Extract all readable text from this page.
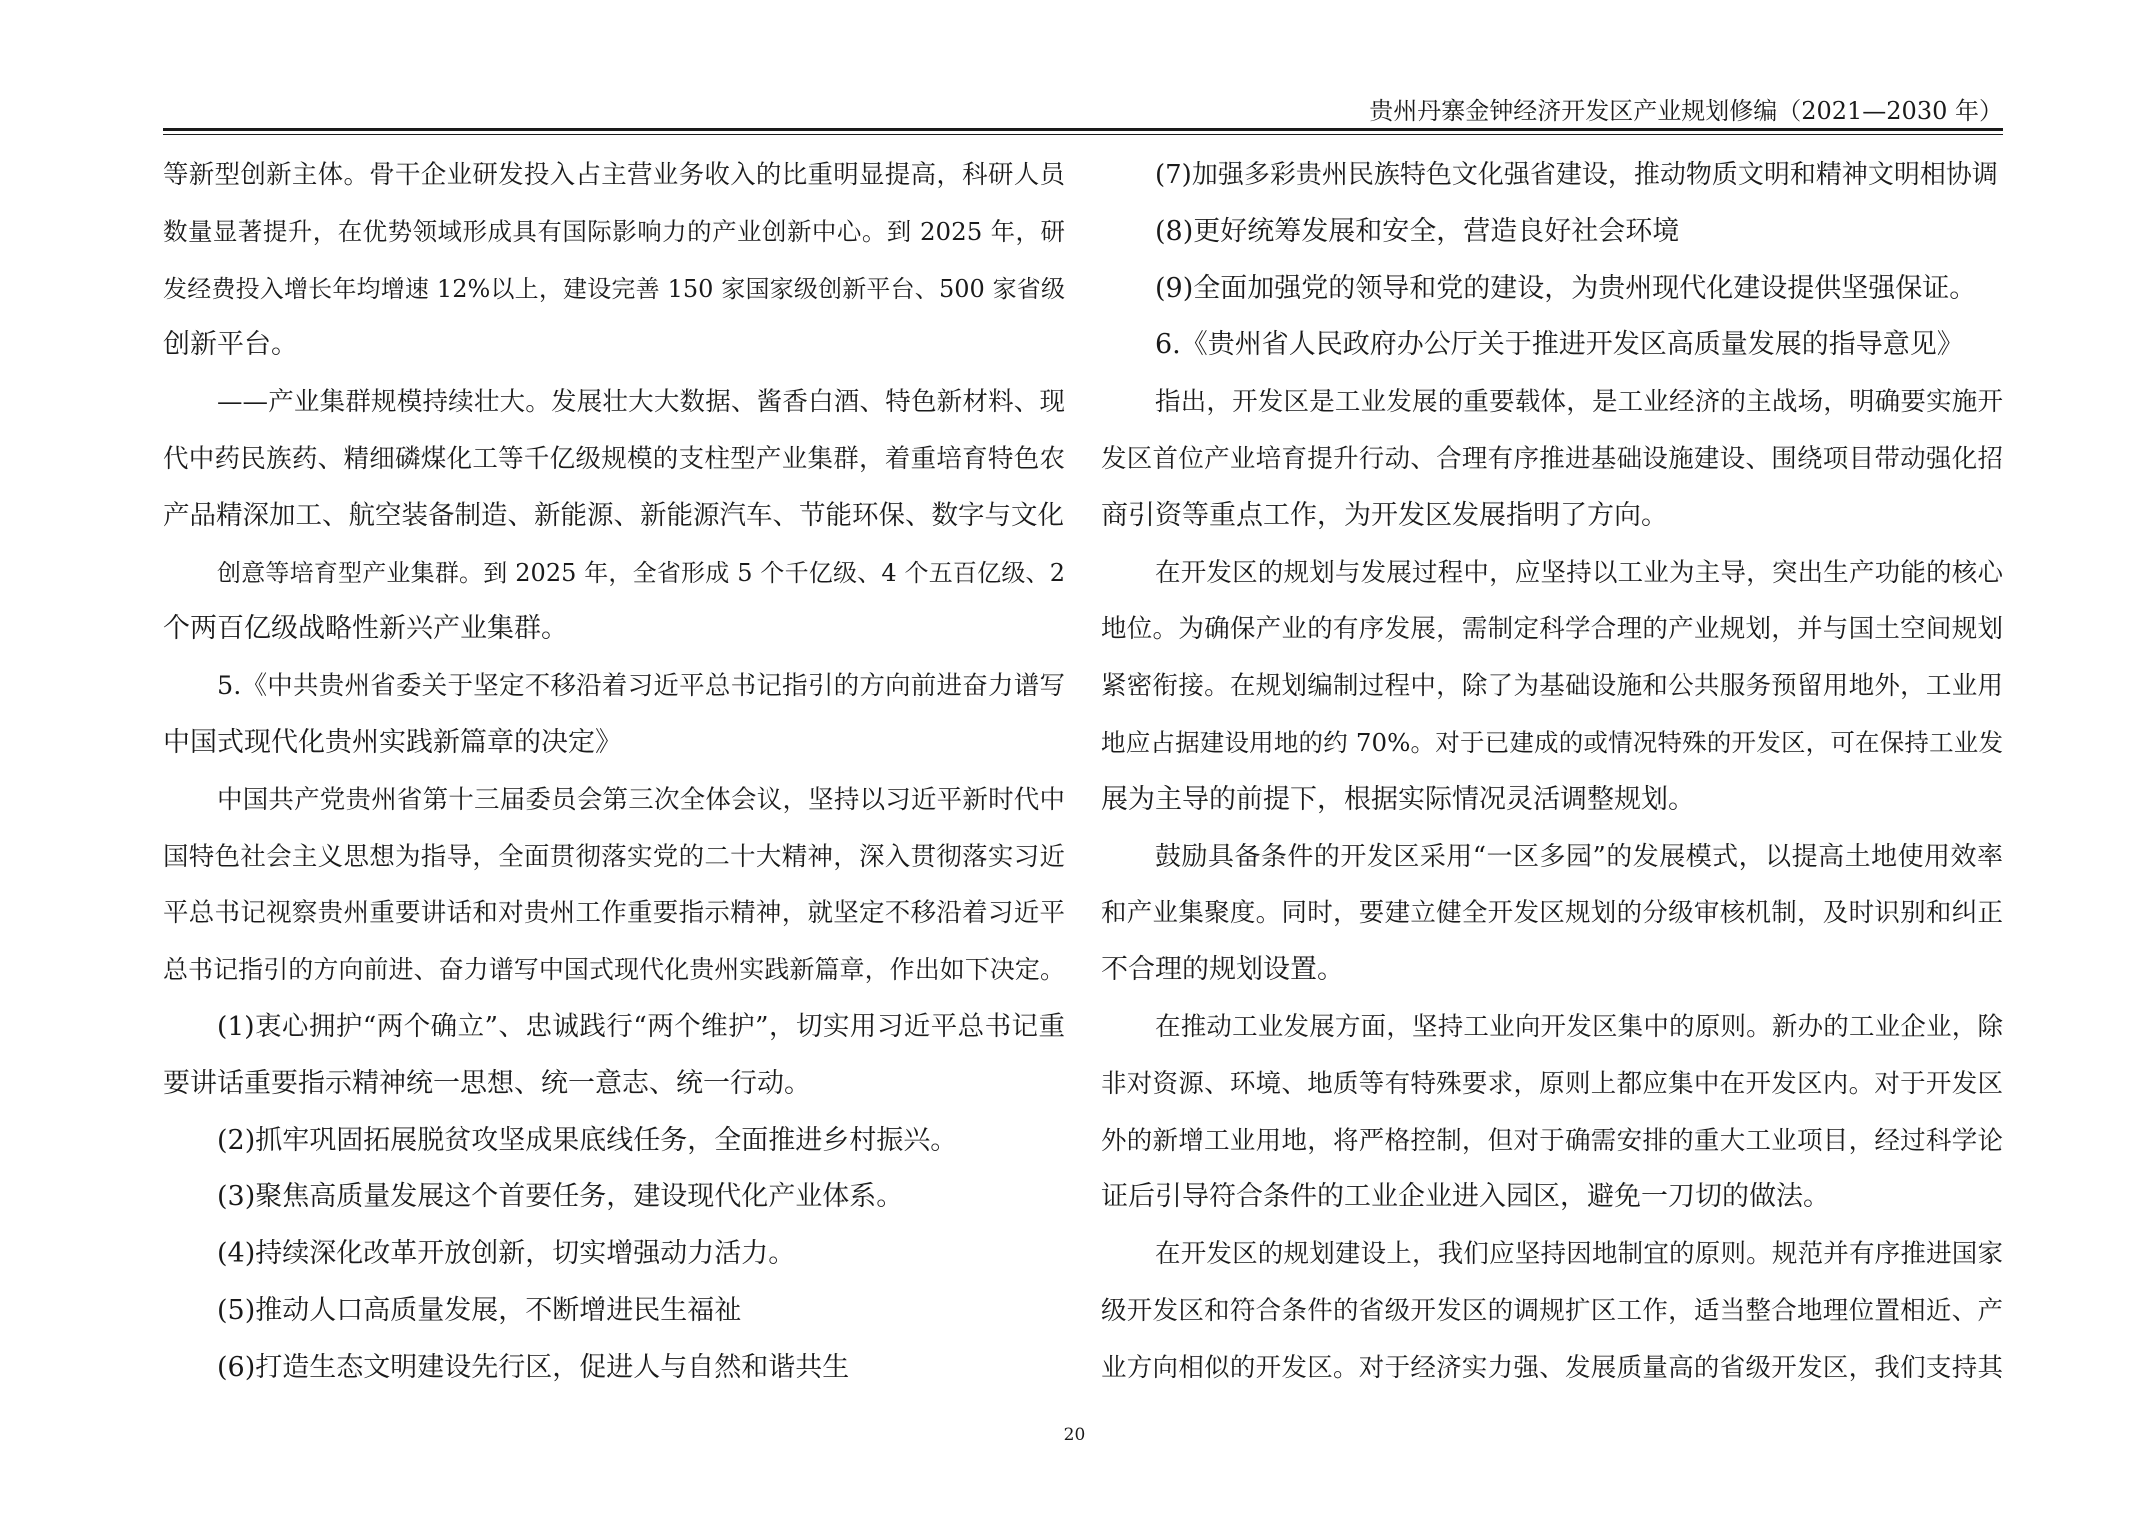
贵州丹寨金钟经济开发区产业规划修编（2021—2030 年）
等新型创新主体。骨干企业研发投入占主营业务收入的比重明显提高，科研人员
数量显著提升，在优势领域形成具有国际影响力的产业创新中心。到 2025 年，研
发经费投入增长年均增速 12%以上，建设完善 150 家国家级创新平台、500 家省级
创新平台。
——产业集群规模持续壮大。发展壮大大数据、酱香白酒、特色新材料、现
代中药民族药、精细磷煤化工等千亿级规模的支柱型产业集群，着重培育特色农
产品精深加工、航空装备制造、新能源、新能源汽车、节能环保、数字与文化
创意等培育型产业集群。到 2025 年，全省形成 5 个千亿级、4 个五百亿级、2
个两百亿级战略性新兴产业集群。
5.《中共贵州省委关于坚定不移沿着习近平总书记指引的方向前进奋力谱写
中国式现代化贵州实践新篇章的决定》
中国共产党贵州省第十三届委员会第三次全体会议，坚持以习近平新时代中
国特色社会主义思想为指导，全面贯彻落实党的二十大精神，深入贯彻落实习近
平总书记视察贵州重要讲话和对贵州工作重要指示精神，就坚定不移沿着习近平
总书记指引的方向前进、奋力谱写中国式现代化贵州实践新篇章，作出如下决定。
(1)衷心拥护“两个确立”、忠诚践行“两个维护”，切实用习近平总书记重
要讲话重要指示精神统一思想、统一意志、统一行动。
(2)抓牢巩固拓展脱贫攻坚成果底线任务，全面推进乡村振兴。
(3)聚焦高质量发展这个首要任务，建设现代化产业体系。
(4)持续深化改革开放创新，切实增强动力活力。
(5)推动人口高质量发展，不断增进民生福祉
(6)打造生态文明建设先行区，促进人与自然和谐共生
(7)加强多彩贵州民族特色文化强省建设，推动物质文明和精神文明相协调
(8)更好统筹发展和安全，营造良好社会环境
(9)全面加强党的领导和党的建设，为贵州现代化建设提供坚强保证。
6.《贵州省人民政府办公厅关于推进开发区高质量发展的指导意见》
指出，开发区是工业发展的重要载体，是工业经济的主战场，明确要实施开
发区首位产业培育提升行动、合理有序推进基础设施建设、围绕项目带动强化招
商引资等重点工作，为开发区发展指明了方向。
在开发区的规划与发展过程中，应坚持以工业为主导，突出生产功能的核心
地位。为确保产业的有序发展，需制定科学合理的产业规划，并与国土空间规划
紧密衔接。在规划编制过程中，除了为基础设施和公共服务预留用地外，工业用
地应占据建设用地的约 70%。对于已建成的或情况特殊的开发区，可在保持工业发
展为主导的前提下，根据实际情况灵活调整规划。
鼓励具备条件的开发区采用“一区多园”的发展模式，以提高土地使用效率
和产业集聚度。同时，要建立健全开发区规划的分级审核机制，及时识别和纠正
不合理的规划设置。
在推动工业发展方面，坚持工业向开发区集中的原则。新办的工业企业，除
非对资源、环境、地质等有特殊要求，原则上都应集中在开发区内。对于开发区
外的新增工业用地，将严格控制，但对于确需安排的重大工业项目，经过科学论
证后引导符合条件的工业企业进入园区，避免一刀切的做法。
在开发区的规划建设上，我们应坚持因地制宜的原则。规范并有序推进国家
级开发区和符合条件的省级开发区的调规扩区工作，适当整合地理位置相近、产
业方向相似的开发区。对于经济实力强、发展质量高的省级开发区，我们支持其
20
